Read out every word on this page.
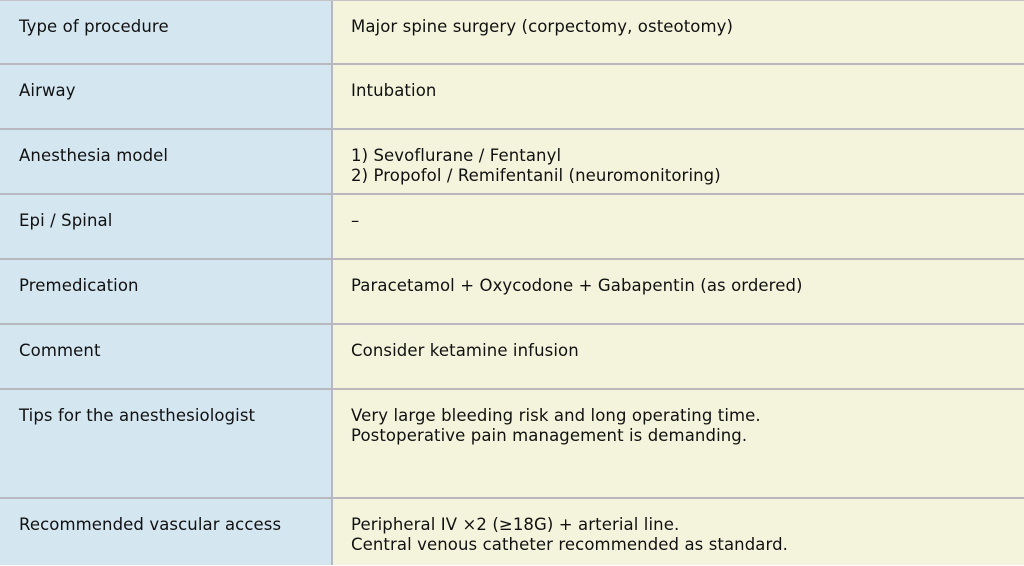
Type of procedure	Major spine surgery (corpectomy, osteotomy)
Airway	Intubation
Anesthesia model	1) Sevoflurane / Fentanyl
2) Propofol / Remifentanil (neuromonitoring)
Epi / Spinal	–
Premedication	Paracetamol + Oxycodone + Gabapentin (as ordered)
Comment	Consider ketamine infusion
Tips for the anesthesiologist	Very large bleeding risk and long operating time.
Postoperative pain management is demanding.
Recommended vascular access	Peripheral IV ×2 (≥18G) + arterial line.
Central venous catheter recommended as standard.
